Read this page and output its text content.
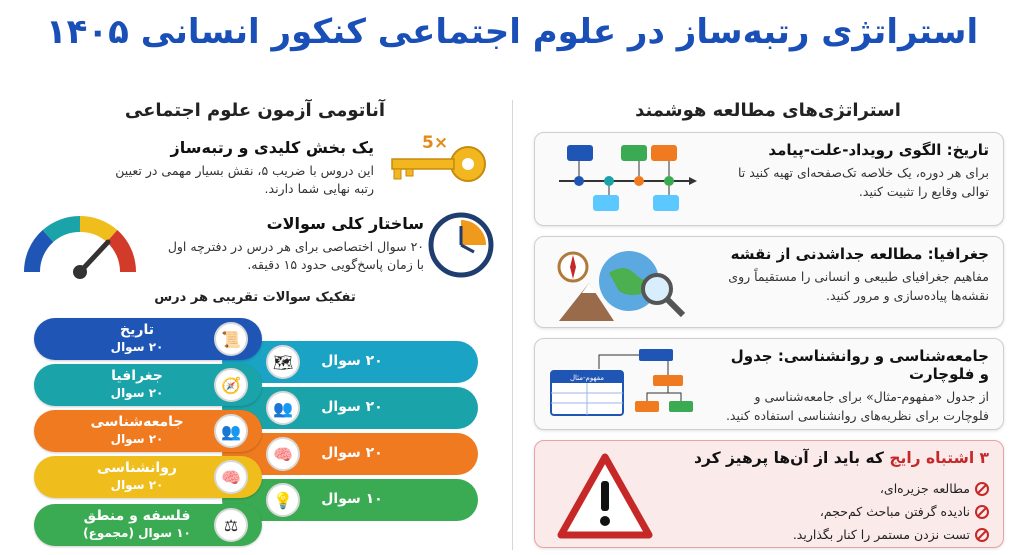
استراتژی رتبه‌ساز در علوم اجتماعی کنکور انسانی ۱۴۰۵
استراتژی‌های مطالعه هوشمند
تاریخ: الگوی رویداد-علت-پیامد
برای هر دوره، یک خلاصه تک‌صفحه‌ای تهیه کنید تا توالی وقایع را تثبیت کنید.
جغرافیا: مطالعه جداشدنی از نقشه
مفاهیم جغرافیای طبیعی و انسانی را مستقیماً روی نقشه‌ها پیاده‌سازی و مرور کنید.
مفهوم-مثال
جامعه‌شناسی و روانشناسی: جدول و فلوچارت
از جدول «مفهوم-مثال» برای جامعه‌شناسی و فلوچارت برای نظریه‌های روانشناسی استفاده کنید.
۳ اشتباه رایج که باید از آن‌ها پرهیز کرد
مطالعه جزیره‌ای،
نادیده گرفتن مباحث کم‌حجم،
تست نزدن مستمر را کنار بگذارید.
آناتومی آزمون علوم اجتماعی
5×
یک بخش کلیدی و رتبه‌ساز
این دروس با ضریب ۵، نقش بسیار مهمی در تعیین
رتبه نهایی شما دارند.
ساختار کلی سوالات
۲۰ سوال اختصاصی برای هر درس در دفترچه اول
با زمان پاسخ‌گویی حدود ۱۵ دقیقه.
تفکیک سوالات تقریبی هر درس
۲۰ سوال
۲۰ سوال
۲۰ سوال
۱۰ سوال
تاریخ
۲۰ سوال
جغرافیا
۲۰ سوال
جامعه‌شناسی
۲۰ سوال
روانشناسی
۲۰ سوال
فلسفه و منطق
۱۰ سوال (مجموع)
📜
🧭
👥
🧠
⚖
🗺
👥
🧠
💡
